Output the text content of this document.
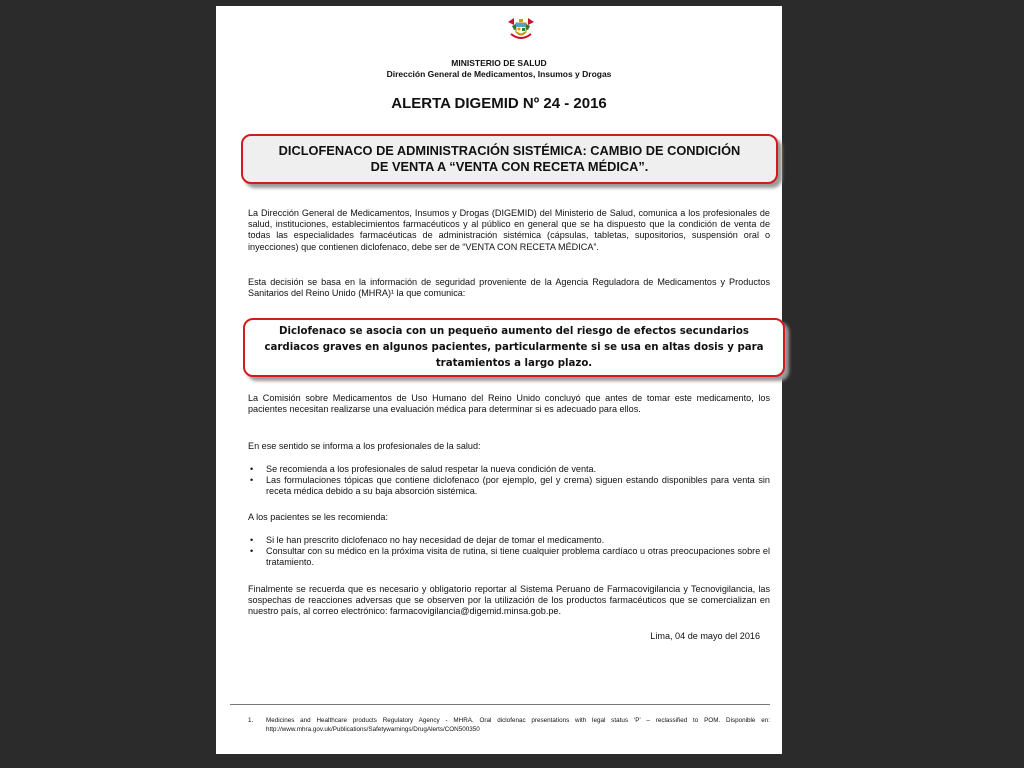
MINISTERIO DE SALUD
Dirección General de Medicamentos, Insumos y Drogas
ALERTA DIGEMID Nº 24 - 2016
DICLOFENACO DE ADMINISTRACIÓN SISTÉMICA: CAMBIO DE CONDICIÓN
DE VENTA A “VENTA CON RECETA MÉDICA”.

La Dirección General de Medicamentos, Insumos y Drogas (DIGEMID) del Ministerio de Salud, comunica a los profesionales de salud, instituciones, establecimientos farmacéuticos y al público en general que se ha dispuesto que la condición de venta de todas las especialidades farmacéuticas de administración sistémica (cápsulas, tabletas, supositorios, suspensión oral o inyecciones) que contienen diclofenaco, debe ser de “VENTA CON RECETA MÉDICA”.

Esta decisión se basa en la información de seguridad proveniente de la Agencia Reguladora de Medicamentos y Productos Sanitarios del Reino Unido (MHRA)¹ la que comunica:

Diclofenaco se asocia con un pequeño aumento del riesgo de efectos secundarios cardiacos graves en algunos pacientes, particularmente si se usa en altas dosis y para tratamientos a largo plazo.

La Comisión sobre Medicamentos de Uso Humano del Reino Unido concluyó que antes de tomar este medicamento, los pacientes necesitan realizarse una evaluación médica para determinar si es adecuado para ellos.

En ese sentido se informa a los profesionales de la salud:

• Se recomienda a los profesionales de salud respetar la nueva condición de venta.
• Las formulaciones tópicas que contiene diclofenaco (por ejemplo, gel y crema) siguen estando disponibles para venta sin receta médica debido a su baja absorción sistémica.

A los pacientes se les recomienda:

• Si le han prescrito diclofenaco no hay necesidad de dejar de tomar el medicamento.
• Consultar con su médico en la próxima visita de rutina, si tiene cualquier problema cardíaco u otras preocupaciones sobre el tratamiento.

Finalmente se recuerda que es necesario y obligatorio reportar al Sistema Peruano de Farmacovigilancia y Tecnovigilancia, las sospechas de reacciones adversas que se observen por la utilización de los productos farmacéuticos que se comercializan en nuestro país, al correo electrónico: farmacovigilancia@digemid.minsa.gob.pe.

Lima, 04 de mayo del 2016
1. Medicines and Healthcare products Regulatory Agency - MHRA. Oral diclofenac presentations with legal status ‘P’ – reclassified to POM. Disponible en: http://www.mhra.gov.uk/Publications/Safetywarnings/DrugAlerts/CON500350
